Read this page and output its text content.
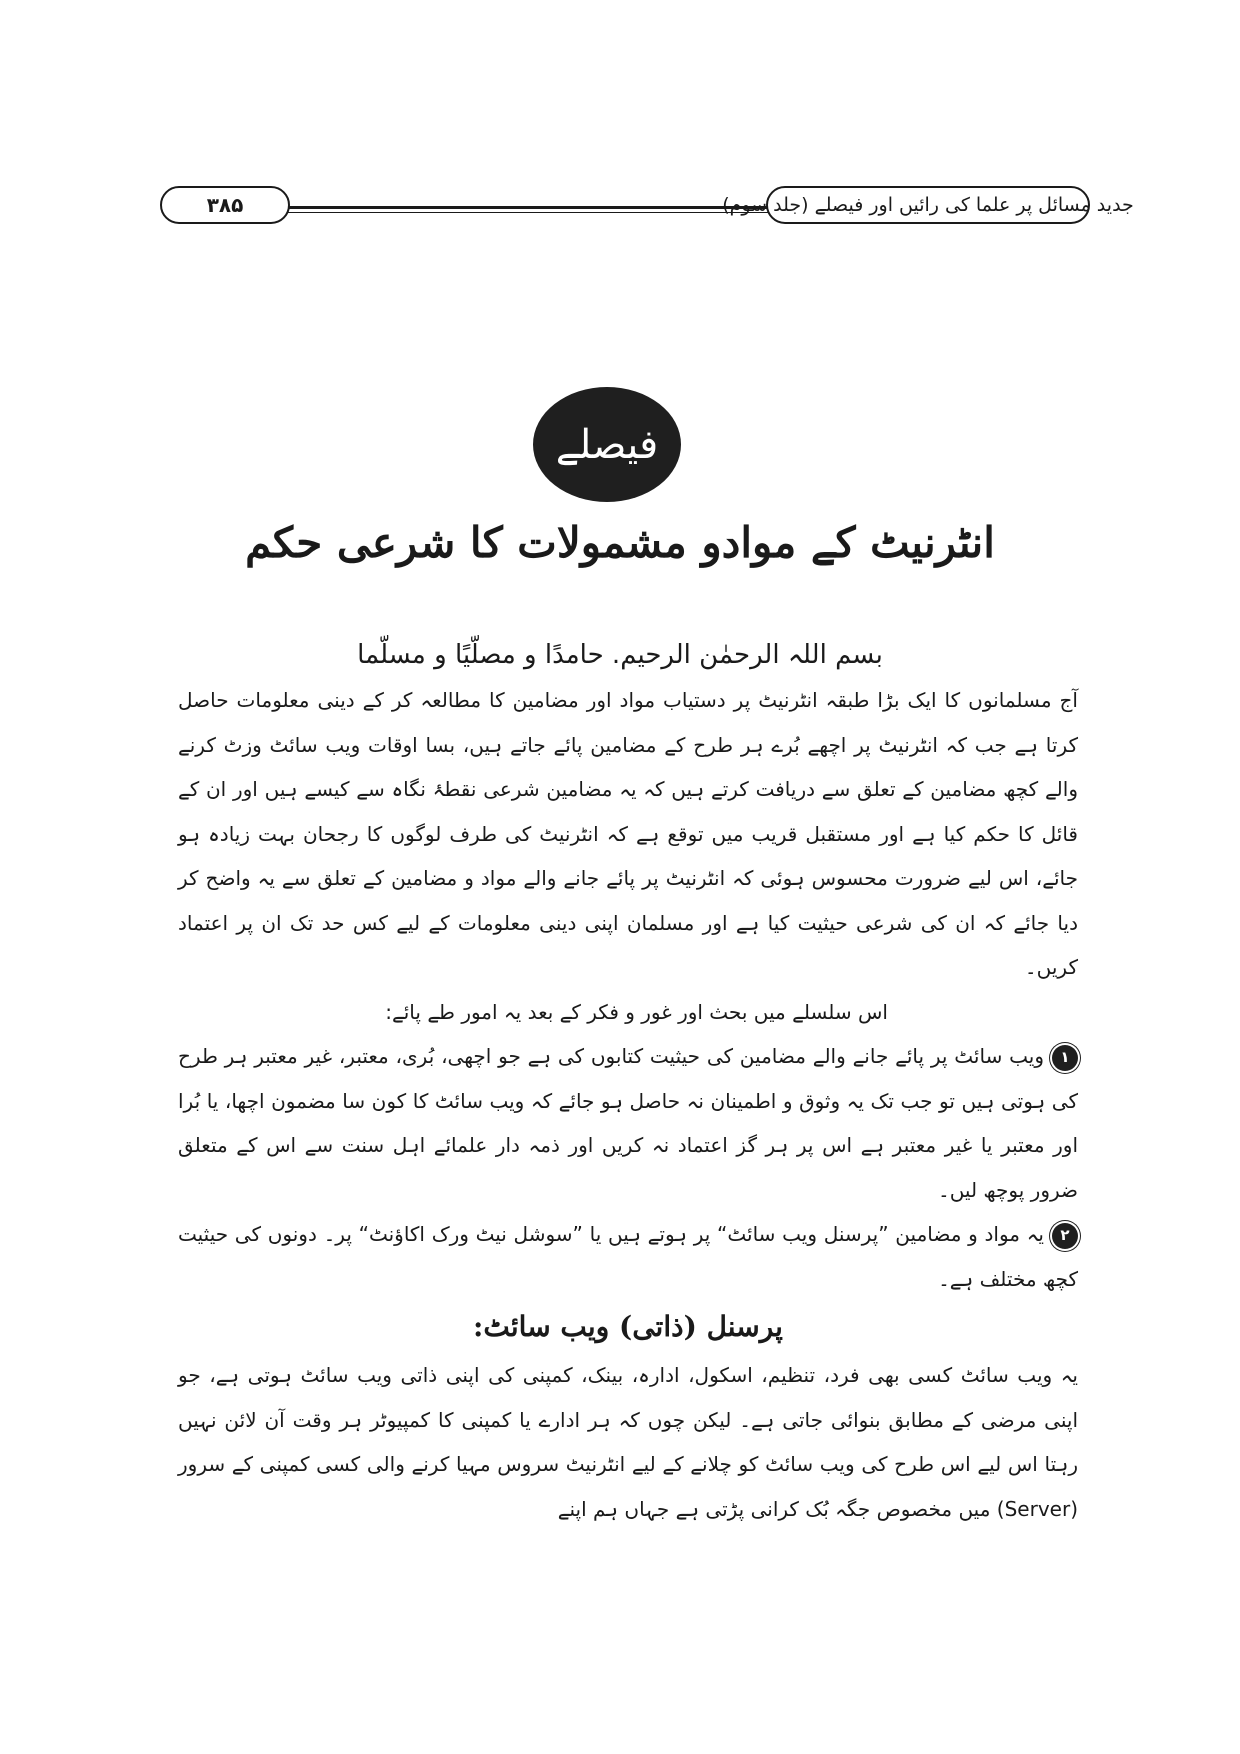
۳۸۵	جدید مسائل پر علما کی رائیں اور فیصلے (جلد سوم)
فیصلے
انٹرنیٹ کے موادو مشمولات کا شرعی حکم
بسم اللہ الرحمٰن الرحیم. حامدًا و مصلّیًا و مسلّما

آج مسلمانوں کا ایک بڑا طبقہ انٹرنیٹ پر دستیاب مواد اور مضامین کا مطالعہ کر کے دینی معلومات حاصل کرتا ہے جب کہ انٹرنیٹ پر اچھے بُرے ہر طرح کے مضامین پائے جاتے ہیں، بسا اوقات ویب سائٹ وزٹ کرنے والے کچھ مضامین کے تعلق سے دریافت کرتے ہیں کہ یہ مضامین شرعی نقطۂ نگاہ سے کیسے ہیں اور ان کے قائل کا حکم کیا ہے اور مستقبل قریب میں توقع ہے کہ انٹرنیٹ کی طرف لوگوں کا رجحان بہت زیادہ ہو جائے، اس لیے ضرورت محسوس ہوئی کہ انٹرنیٹ پر پائے جانے والے مواد و مضامین کے تعلق سے یہ واضح کر دیا جائے کہ ان کی شرعی حیثیت کیا ہے اور مسلمان اپنی دینی معلومات کے لیے کس حد تک ان پر اعتماد کریں۔

اس سلسلے میں بحث اور غور و فکر کے بعد یہ امور طے پائے:

۱ویب سائٹ پر پائے جانے والے مضامین کی حیثیت کتابوں کی ہے جو اچھی، بُری، معتبر، غیر معتبر ہر طرح کی ہوتی ہیں تو جب تک یہ وثوق و اطمینان نہ حاصل ہو جائے کہ ویب سائٹ کا کون سا مضمون اچھا، یا بُرا اور معتبر یا غیر معتبر ہے اس پر ہر گز اعتماد نہ کریں اور ذمہ دار علمائے اہل سنت سے اس کے متعلق ضرور پوچھ لیں۔

۲یہ مواد و مضامین ”پرسنل ویب سائٹ“ پر ہوتے ہیں یا ”سوشل نیٹ ورک اکاؤنٹ“ پر۔ دونوں کی حیثیت کچھ مختلف ہے۔

پرسنل (ذاتی) ویب سائٹ:

یہ ویب سائٹ کسی بھی فرد، تنظیم، اسکول، ادارہ، بینک، کمپنی کی اپنی ذاتی ویب سائٹ ہوتی ہے، جو اپنی مرضی کے مطابق بنوائی جاتی ہے۔ لیکن چوں کہ ہر ادارے یا کمپنی کا کمپیوٹر ہر وقت آن لائن نہیں رہتا اس لیے اس طرح کی ویب سائٹ کو چلانے کے لیے انٹرنیٹ سروس مہیا کرنے والی کسی کمپنی کے سرور (Server) میں مخصوص جگہ بُک کرانی پڑتی ہے جہاں ہم اپنے
